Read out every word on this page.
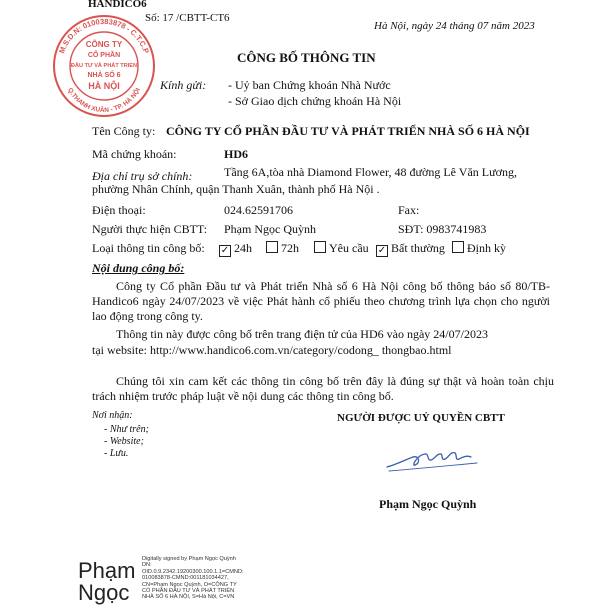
HANDICO6
Số: 17 /CBTT-CT6
Hà Nội, ngày 24 tháng 07 năm 2023
M.S.D.N: 0100383878 - C.T.C.P
Q.THANH XUÂN - TP. HÀ NỘI
CÔNG TY
CỔ PHẦN
ĐẦU TƯ VÀ PHÁT TRIỂN
NHÀ SỐ 6
HÀ NỘI
CÔNG BỐ THÔNG TIN
Kính gửi: - Uỷ ban Chứng khoán Nhà Nước
- Sở Giao dịch chứng khoán Hà Nội
Tên Công ty: CÔNG TY CỔ PHẦN ĐẦU TƯ VÀ PHÁT TRIỂN NHÀ SỐ 6 HÀ NỘI
Mã chứng khoán:	HD6
Địa chỉ trụ sở chính:	Tầng 6A,tòa nhà Diamond Flower, 48 đường Lê Văn Lương,
phường Nhân Chính, quận Thanh Xuân, thành phố Hà Nội .
Điện thoại:	024.62591706	Fax:
Người thực hiện CBTT: Phạm Ngọc Quỳnh	SĐT: 0983741983
Loại thông tin công bố: ✓ 24h	72h	Yêu cầu ✓ Bất thường	Định kỳ
Nội dung công bố:
Công ty Cổ phần Đầu tư và Phát triển Nhà số 6 Hà Nội công bố thông báo số 80/TB-Handico6 ngày 24/07/2023 về việc Phát hành cổ phiếu theo chương trình lựa chọn cho người lao động trong công ty.
Thông tin này được công bố trên trang điện tử của HD6 vào ngày 24/07/2023
tại website: http://www.handico6.com.vn/category/codong_ thongbao.html
Chúng tôi xin cam kết các thông tin công bố trên đây là đúng sự thật và hoàn toàn chịu trách nhiệm trước pháp luật về nội dung các thông tin công bố.
Nơi nhận:
- Như trên;
- Website;
- Lưu.
NGƯỜI ĐƯỢC UỶ QUYỀN CBTT
Phạm Ngọc Quỳnh
Phạm
Ngọc
Digitally signed by Phạm Ngọc Quỳnh
DN:
OID.0.9.2342.19200300.100.1.1=CMND:
010083878-CMND:001181034427,
CN=Phạm Ngọc Quỳnh, O=CÔNG TY
CỔ PHẦN ĐẦU TƯ VÀ PHÁT TRIỂN
NHÀ SỐ 6 HÀ NỘI, S=Hà Nội, C=VN
